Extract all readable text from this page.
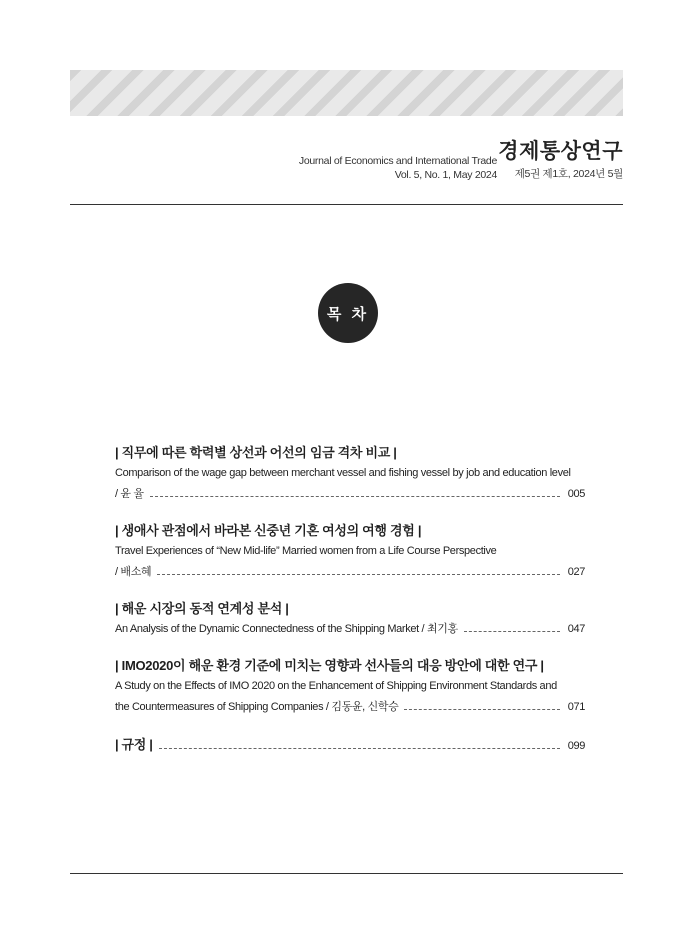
Journal of Economics and International Trade
Vol. 5, No. 1, May 2024
경제통상연구
제5권 제1호, 2024년 5월
목 차
| 직무에 따른 학력별 상선과 어선의 임금 격차 비교 |
Comparison of the wage gap between merchant vessel and fishing vessel by job and education level
/ 윤 율	005
| 생애사 관점에서 바라본 신중년 기혼 여성의 여행 경험 |
Travel Experiences of “New Mid-life” Married women from a Life Course Perspective
/ 배소혜	027
| 해운 시장의 동적 연계성 분석 |
An Analysis of the Dynamic Connectedness of the Shipping Market / 최기홍	047
| IMO2020이 해운 환경 기준에 미치는 영향과 선사들의 대응 방안에 대한 연구 |
A Study on the Effects of IMO 2020 on the Enhancement of Shipping Environment Standards and
the Countermeasures of Shipping Companies / 김동윤, 신학승	071
| 규정 |	099
